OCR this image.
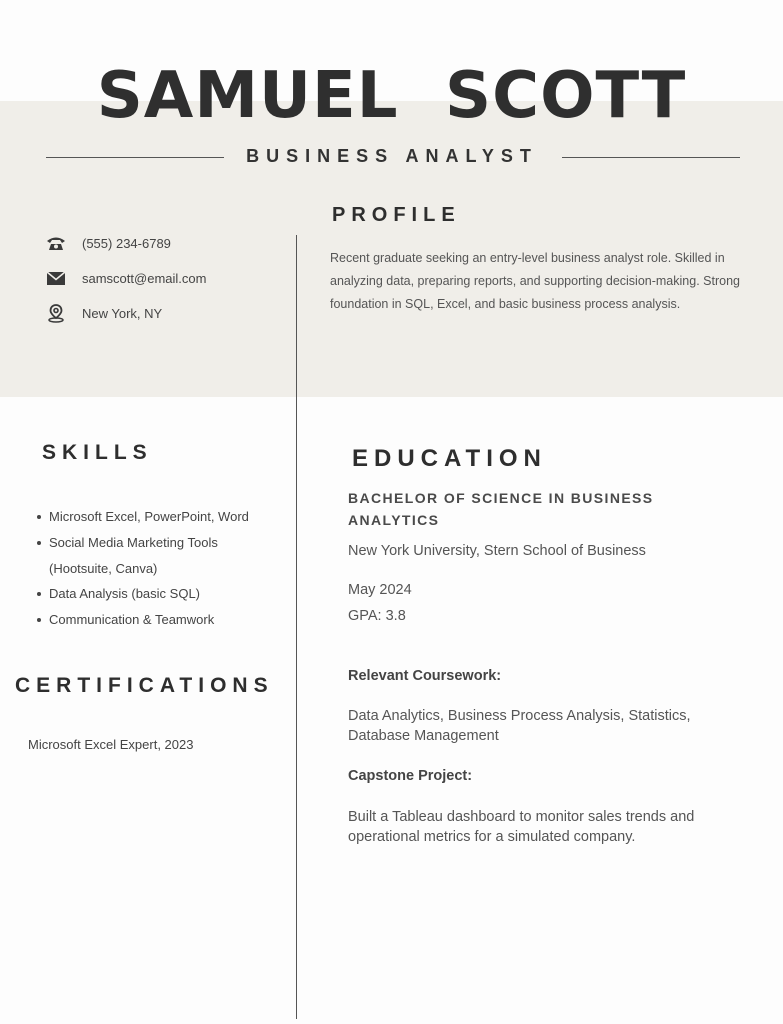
SAMUEL  SCOTT
BUSINESS ANALYST
(555) 234-6789
samscott@email.com
New York, NY
PROFILE
Recent graduate seeking an entry-level business analyst role. Skilled in analyzing data, preparing reports, and supporting decision-making. Strong foundation in SQL, Excel, and basic business process analysis.
SKILLS
Microsoft Excel, PowerPoint, Word
Social Media Marketing Tools (Hootsuite, Canva)
Data Analysis (basic SQL)
Communication & Teamwork
CERTIFICATIONS
Microsoft Excel Expert, 2023
EDUCATION
BACHELOR OF SCIENCE IN BUSINESS ANALYTICS
New York University, Stern School of Business
May 2024
GPA: 3.8
Relevant Coursework:
Data Analytics, Business Process Analysis, Statistics, Database Management
Capstone Project:
Built a Tableau dashboard to monitor sales trends and operational metrics for a simulated company.
